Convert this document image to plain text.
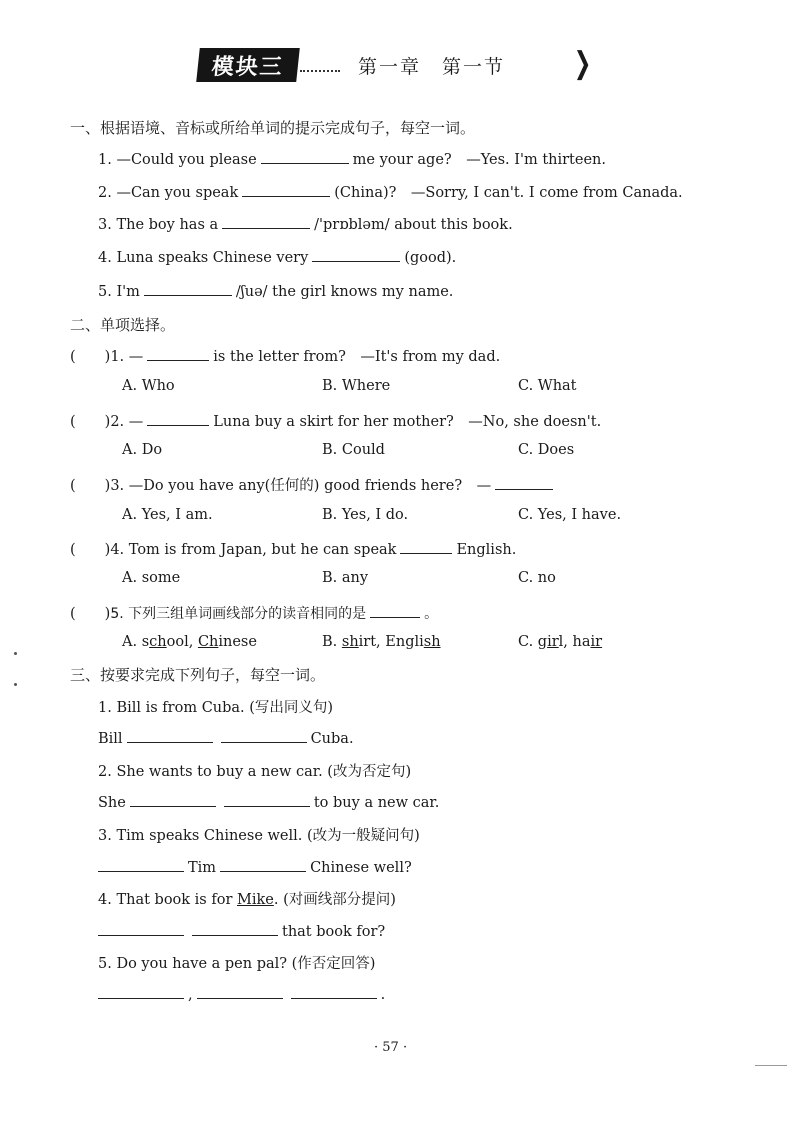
模块三	第一章　第一节 ❯
一、根据语境、音标或所给单词的提示完成句子，每空一词。
1. —Could you please	me your age?　—Yes. I'm thirteen.
2. —Can you speak	(China)?　—Sorry, I can't. I come from Canada.
3. The boy has a	/'prɒbləm/ about this book.
4. Luna speaks Chinese very	(good).
5. I'm	/ʃuə/ the girl knows my name.
二、单项选择。
(　　)1. —	is the letter from?　—It's from my dad.
A. Who	B. Where	C. What
(　　)2. —	Luna buy a skirt for her mother?　—No, she doesn't.
A. Do	B. Could	C. Does
(　　)3. —Do you have any(任何的) good friends here?　—
A. Yes, I am.	B. Yes, I do.	C. Yes, I have.
(　　)4. Tom is from Japan, but he can speak	English.
A. some	B. any	C. no
(　　)5. 下列三组单词画线部分的读音相同的是	。
A. school, Chinese	B. shirt, English	C. girl, hair
三、按要求完成下列句子，每空一词。
1. Bill is from Cuba. (写出同义句)
Bill	Cuba.
2. She wants to buy a new car. (改为否定句)
She	to buy a new car.
3. Tim speaks Chinese well. (改为一般疑问句)
Tim	Chinese well?
4. That book is for Mike. (对画线部分提问)
that book for?
5. Do you have a pen pal? (作否定回答)
,	.
· 57 ·
